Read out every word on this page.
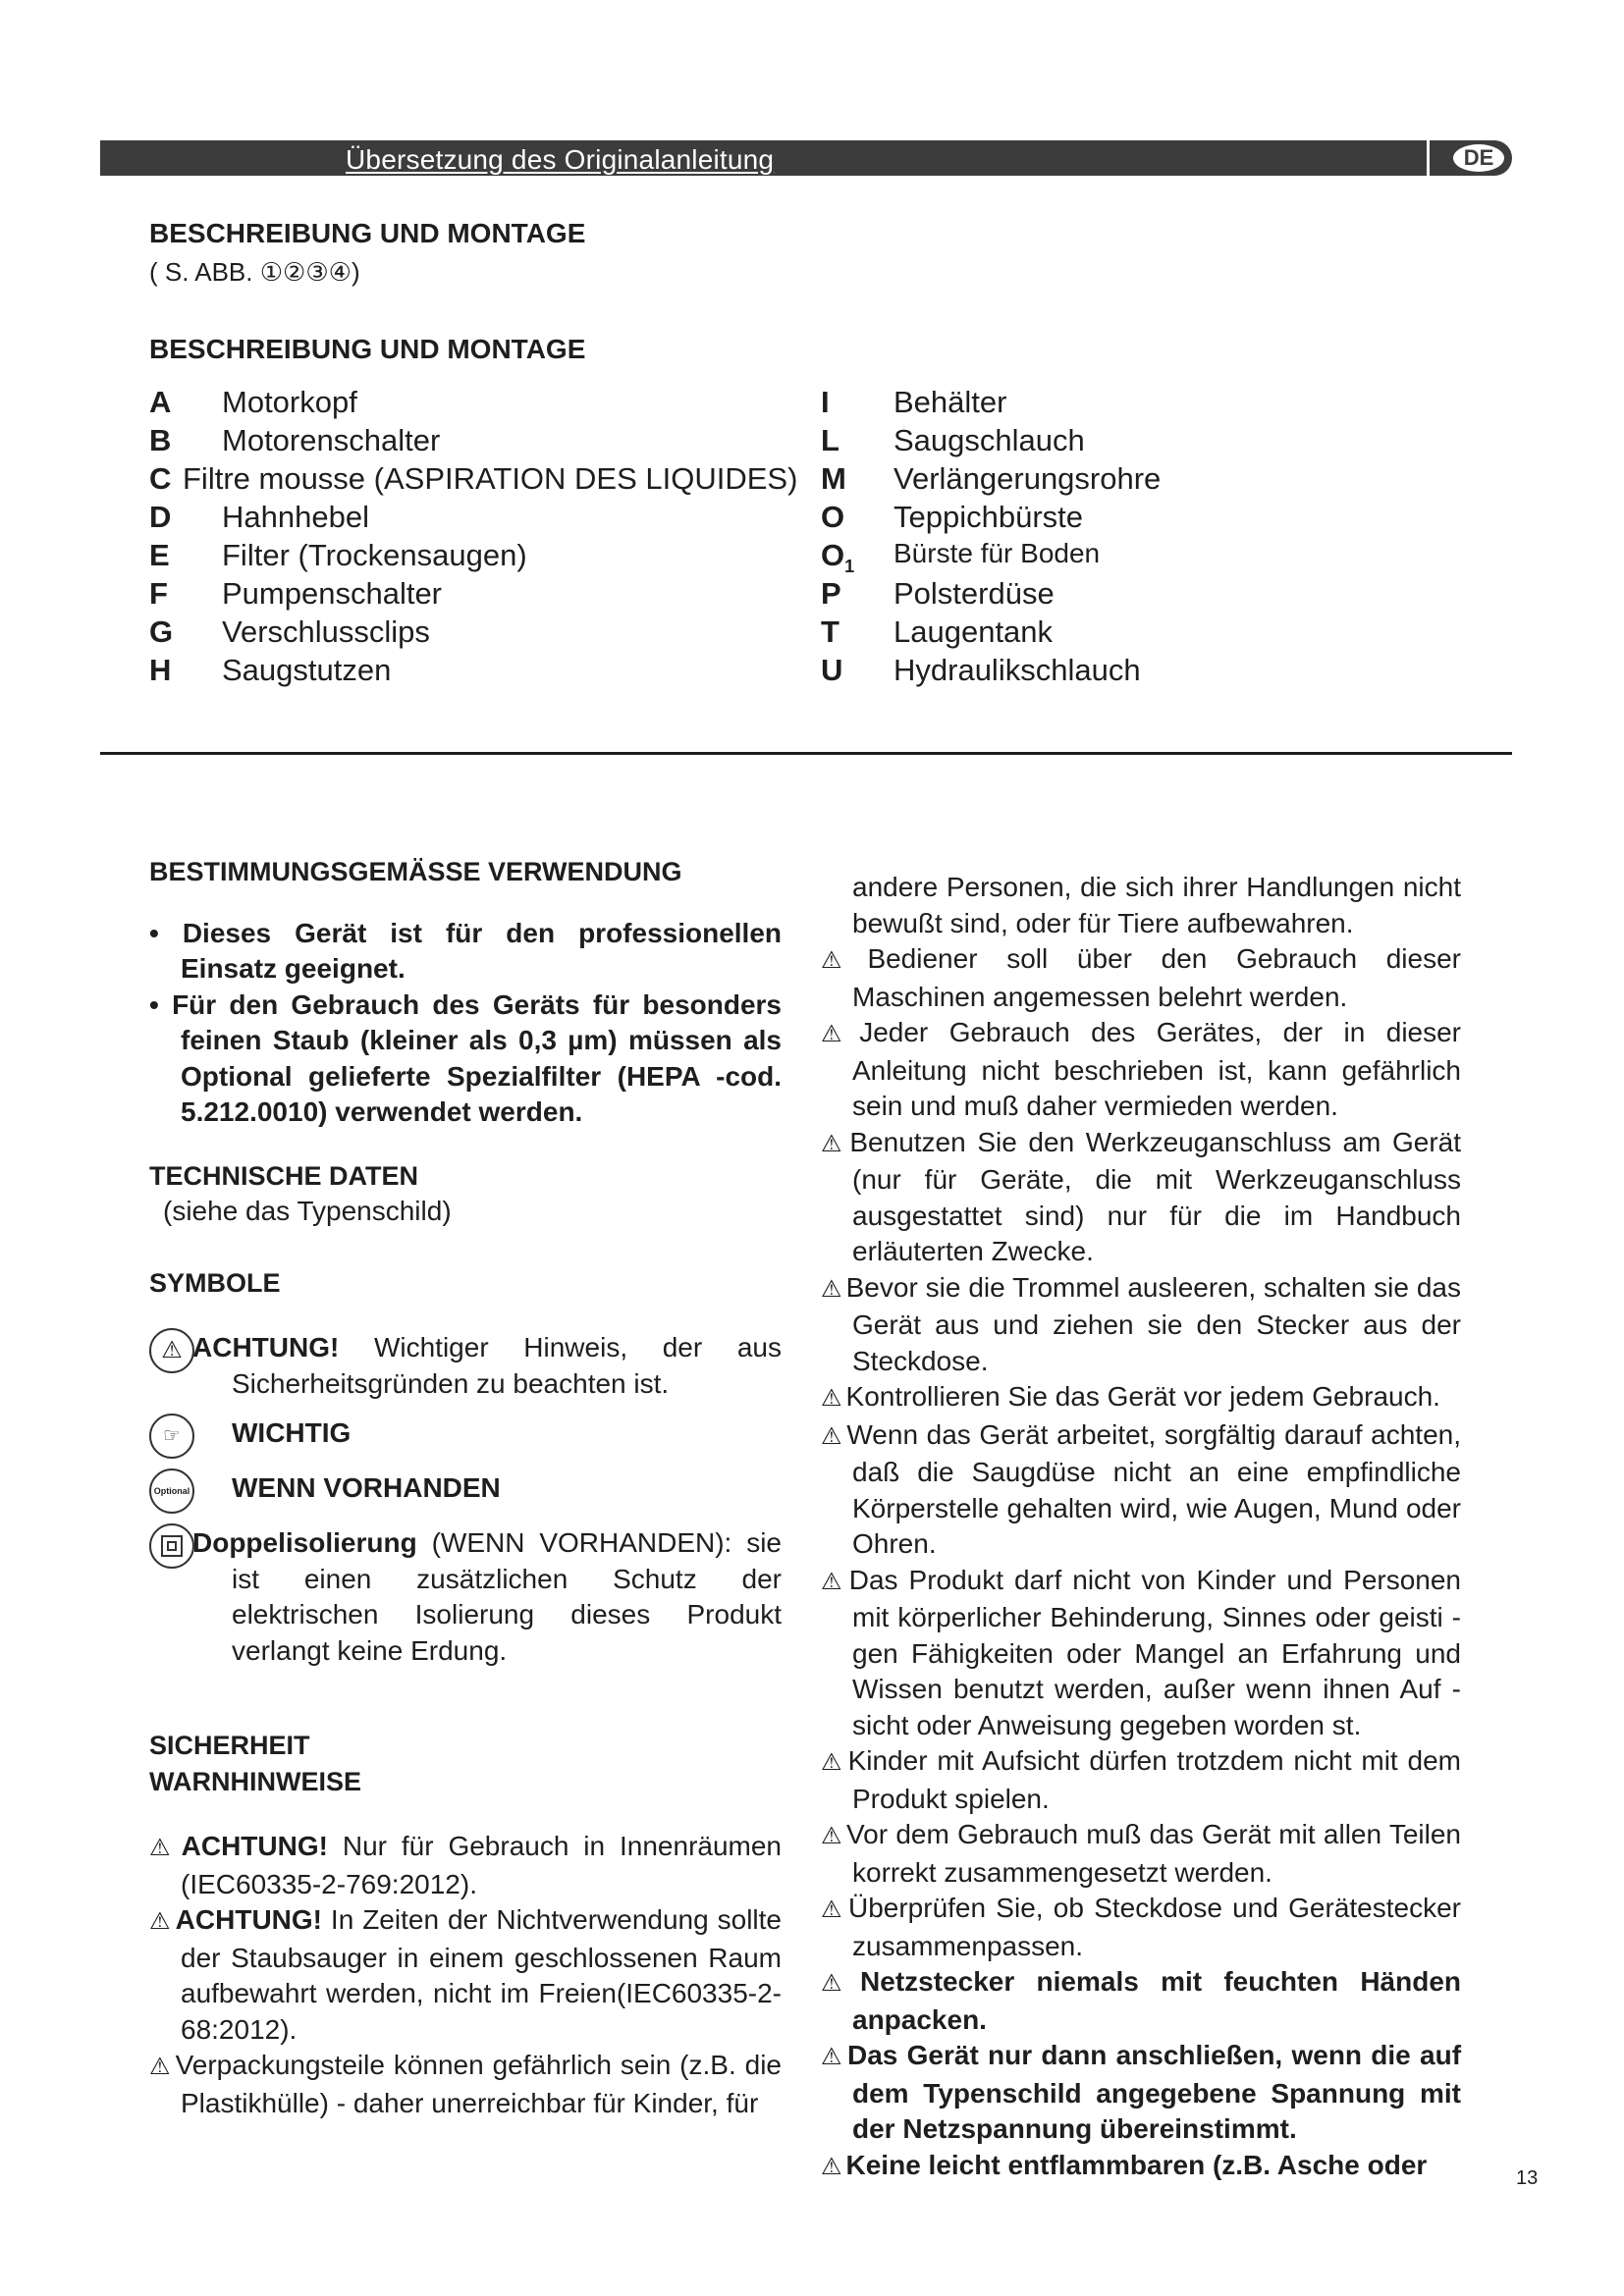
Übersetzung des Originalanleitung	DE
BESCHREIBUNG UND MONTAGE
( S. ABB. ①②③④)
BESCHREIBUNG UND MONTAGE
A Motorkopf
B Motorenschalter
C Filtre mousse (ASPIRATION DES LIQUIDES)
D Hahnhebel
E Filter (Trockensaugen)
F Pumpenschalter
G Verschlussclips
H Saugstutzen
I Behälter
L Saugschlauch
M Verlängerungsrohre
O Teppichbürste
$O_1$ Bürste für Boden
P Polsterdüse
T Laugentank
U Hydraulikschlauch

BESTIMMUNGSGEMÄSSE VERWENDUNG

• Dieses Gerät ist für den professionellen Einsatz geeignet.

• Für den Gebrauch des Geräts für besonders feinen Staub (kleiner als 0,3 µm) müssen als Optional gelieferte Spezialfilter (HEPA -cod. 5.212.0010) verwendet werden.

TECHNISCHE DATEN

(siehe das Typenschild)

SYMBOLE

⚠ ACHTUNG! Wichtiger Hinweis, der aus Sicherheitsgründen zu beachten ist.
☞	WICHTIG
Optional WENN VORHANDEN
Doppelisolierung (WENN VORHANDEN): sie ist einen zusätzlichen Schutz der elektrischen Isolierung dieses Produkt verlangt keine Erdung.

SICHERHEIT

WARNHINWEISE

⚠ ACHTUNG! Nur für Gebrauch in Innenräumen (IEC60335-2-769:2012).

⚠ ACHTUNG! In Zeiten der Nichtverwendung sollte der Staubsauger in einem geschlossenen Raum aufbewahrt werden, nicht im Freien(IEC60335-2-68:2012).

⚠ Verpackungsteile können gefährlich sein (z.B. die Plastikhülle) - daher unerreichbar für Kinder, für

andere Personen, die sich ihrer Handlungen nicht bewußt sind, oder für Tiere aufbewahren.

⚠ Bediener soll über den Gebrauch dieser Maschinen angemessen belehrt werden.

⚠ Jeder Gebrauch des Gerätes, der in dieser Anleitung nicht beschrieben ist, kann gefährlich sein und muß daher vermieden werden.

⚠ Benutzen Sie den Werkzeuganschluss am Gerät (nur für Geräte, die mit Werkzeuganschluss ausgestattet sind) nur für die im Handbuch erläuterten Zwecke.

⚠ Bevor sie die Trommel ausleeren, schalten sie das Gerät aus und ziehen sie den Stecker aus der Steckdose.

⚠ Kontrollieren Sie das Gerät vor jedem Gebrauch.

⚠ Wenn das Gerät arbeitet, sorgfältig darauf achten, daß die Saugdüse nicht an eine empfindliche Körperstelle gehalten wird, wie Augen, Mund oder Ohren.

⚠ Das Produkt darf nicht von Kinder und Personen mit körperlicher Behinderung, Sinnes oder geisti - gen Fähigkeiten oder Mangel an Erfahrung und Wissen benutzt werden, außer wenn ihnen Auf - sicht oder Anweisung gegeben worden st.

⚠ Kinder mit Aufsicht dürfen trotzdem nicht mit dem Produkt spielen.

⚠ Vor dem Gebrauch muß das Gerät mit allen Teilen korrekt zusammengesetzt werden.

⚠ Überprüfen Sie, ob Steckdose und Gerätestecker zusammenpassen.

⚠ Netzstecker niemals mit feuchten Händen anpacken.

⚠ Das Gerät nur dann anschließen, wenn die auf dem Typenschild angegebene Spannung mit der Netzspannung übereinstimmt.

⚠ Keine leicht entflammbaren (z.B. Asche oder	13
